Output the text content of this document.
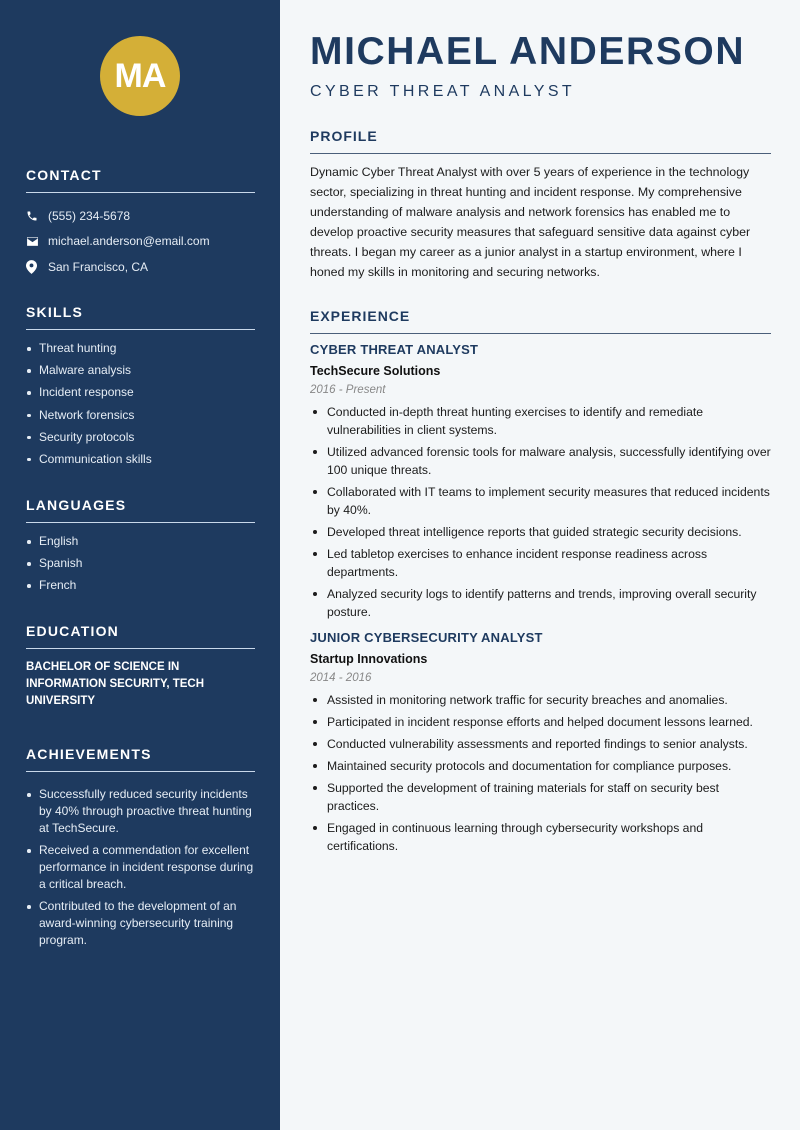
MA
CONTACT
(555) 234-5678
michael.anderson@email.com
San Francisco, CA
SKILLS
Threat hunting
Malware analysis
Incident response
Network forensics
Security protocols
Communication skills
LANGUAGES
English
Spanish
French
EDUCATION
BACHELOR OF SCIENCE IN INFORMATION SECURITY, TECH UNIVERSITY
ACHIEVEMENTS
Successfully reduced security incidents by 40% through proactive threat hunting at TechSecure.
Received a commendation for excellent performance in incident response during a critical breach.
Contributed to the development of an award-winning cybersecurity training program.
MICHAEL ANDERSON
CYBER THREAT ANALYST
PROFILE

Dynamic Cyber Threat Analyst with over 5 years of experience in the technology sector, specializing in threat hunting and incident response. My comprehensive understanding of malware analysis and network forensics has enabled me to develop proactive security measures that safeguard sensitive data against cyber threats. I began my career as a junior analyst in a startup environment, where I honed my skills in monitoring and securing networks.

EXPERIENCE
CYBER THREAT ANALYST
TechSecure Solutions
2016 - Present
Conducted in-depth threat hunting exercises to identify and remediate vulnerabilities in client systems.
Utilized advanced forensic tools for malware analysis, successfully identifying over 100 unique threats.
Collaborated with IT teams to implement security measures that reduced incidents by 40%.
Developed threat intelligence reports that guided strategic security decisions.
Led tabletop exercises to enhance incident response readiness across departments.
Analyzed security logs to identify patterns and trends, improving overall security posture.
JUNIOR CYBERSECURITY ANALYST
Startup Innovations
2014 - 2016
Assisted in monitoring network traffic for security breaches and anomalies.
Participated in incident response efforts and helped document lessons learned.
Conducted vulnerability assessments and reported findings to senior analysts.
Maintained security protocols and documentation for compliance purposes.
Supported the development of training materials for staff on security best practices.
Engaged in continuous learning through cybersecurity workshops and certifications.
